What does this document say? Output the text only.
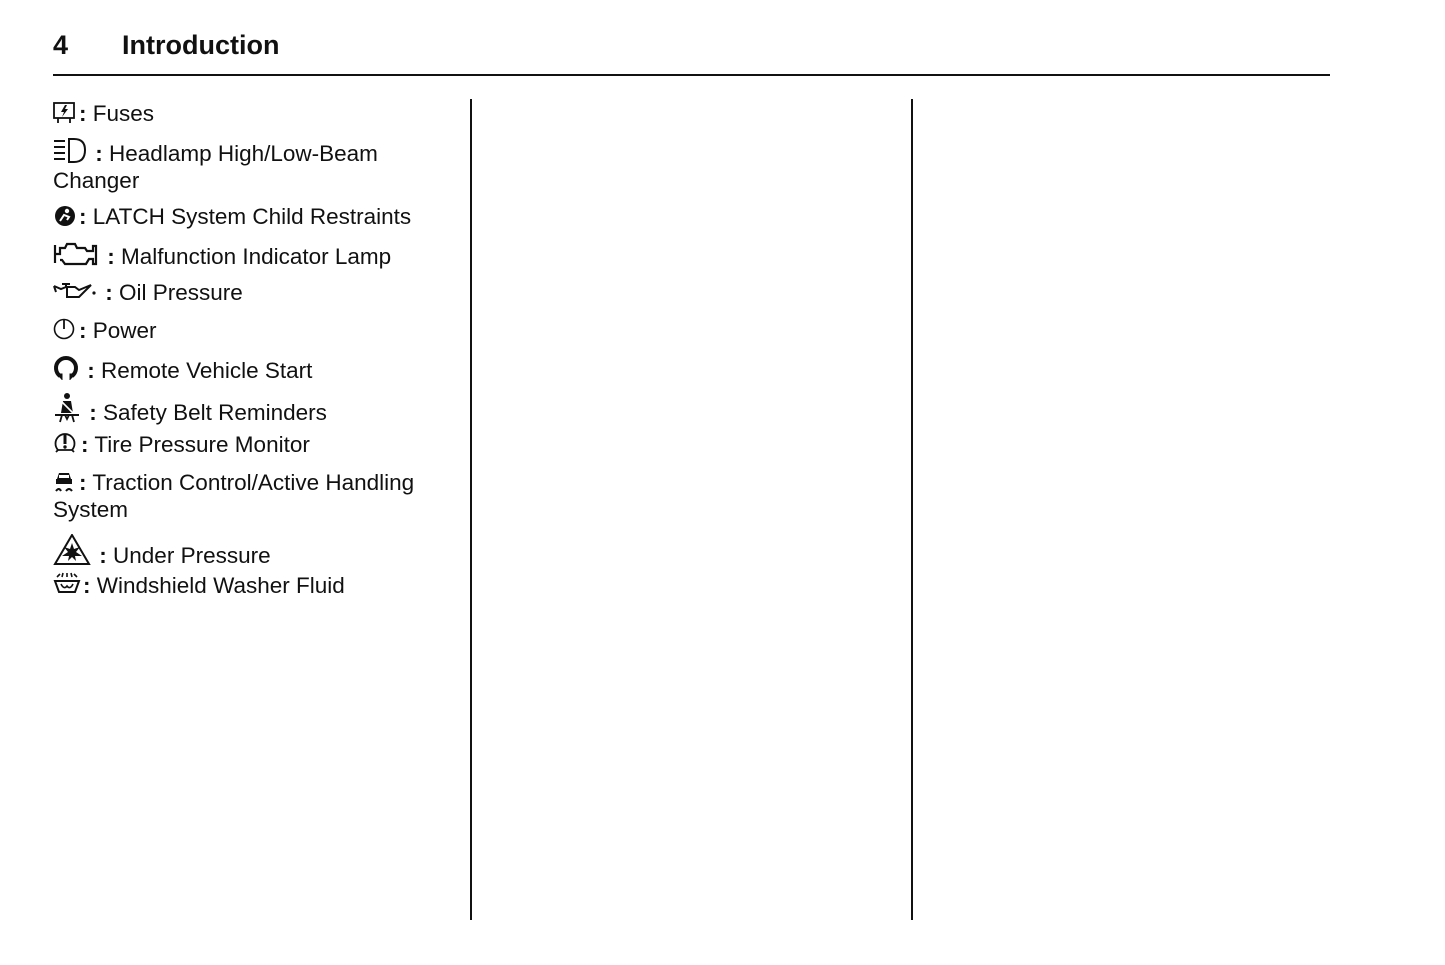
4 Introduction
: Fuses
: Headlamp High/Low-Beam Changer
: LATCH System Child Restraints
: Malfunction Indicator Lamp
: Oil Pressure
: Power
: Remote Vehicle Start
: Safety Belt Reminders
: Tire Pressure Monitor
: Traction Control/Active Handling System
: Under Pressure
: Windshield Washer Fluid
